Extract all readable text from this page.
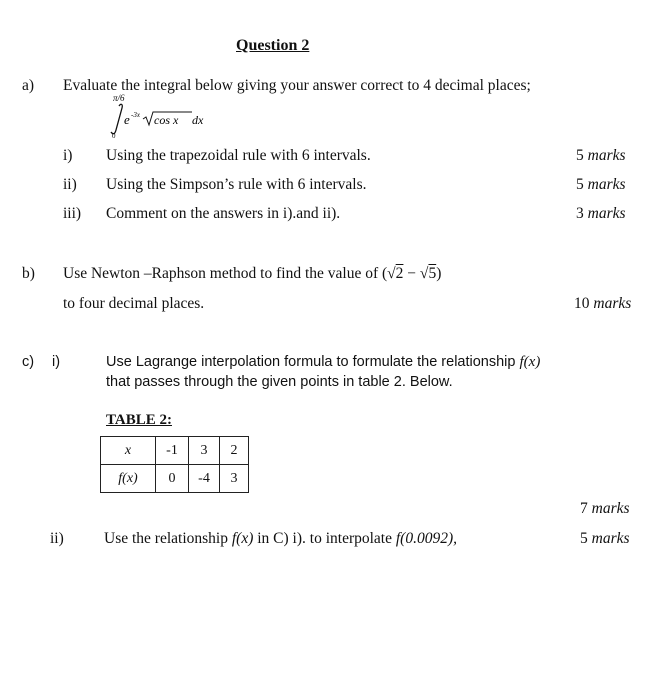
Question 2
a) Evaluate the integral below giving your answer correct to 4 decimal places;
π/6
0
e -3x cos x dx
i) Using the trapezoidal rule with 6 intervals.	5 marks
ii) Using the Simpson’s rule with 6 intervals.	5 marks
iii) Comment on the answers in i).and ii).	3 marks
b) Use Newton –Raphson method to find the value of (√2 − √5)
to four decimal places.	10 marks
c) i)	Use Lagrange interpolation formula to formulate the relationship f(x)
that passes through the given points in table 2. Below.
TABLE 2:
x	-1	3	2
f(x)	0	-4	3
7 marks
ii)	Use the relationship f(x) in C) i). to interpolate f(0.0092),	5 marks
